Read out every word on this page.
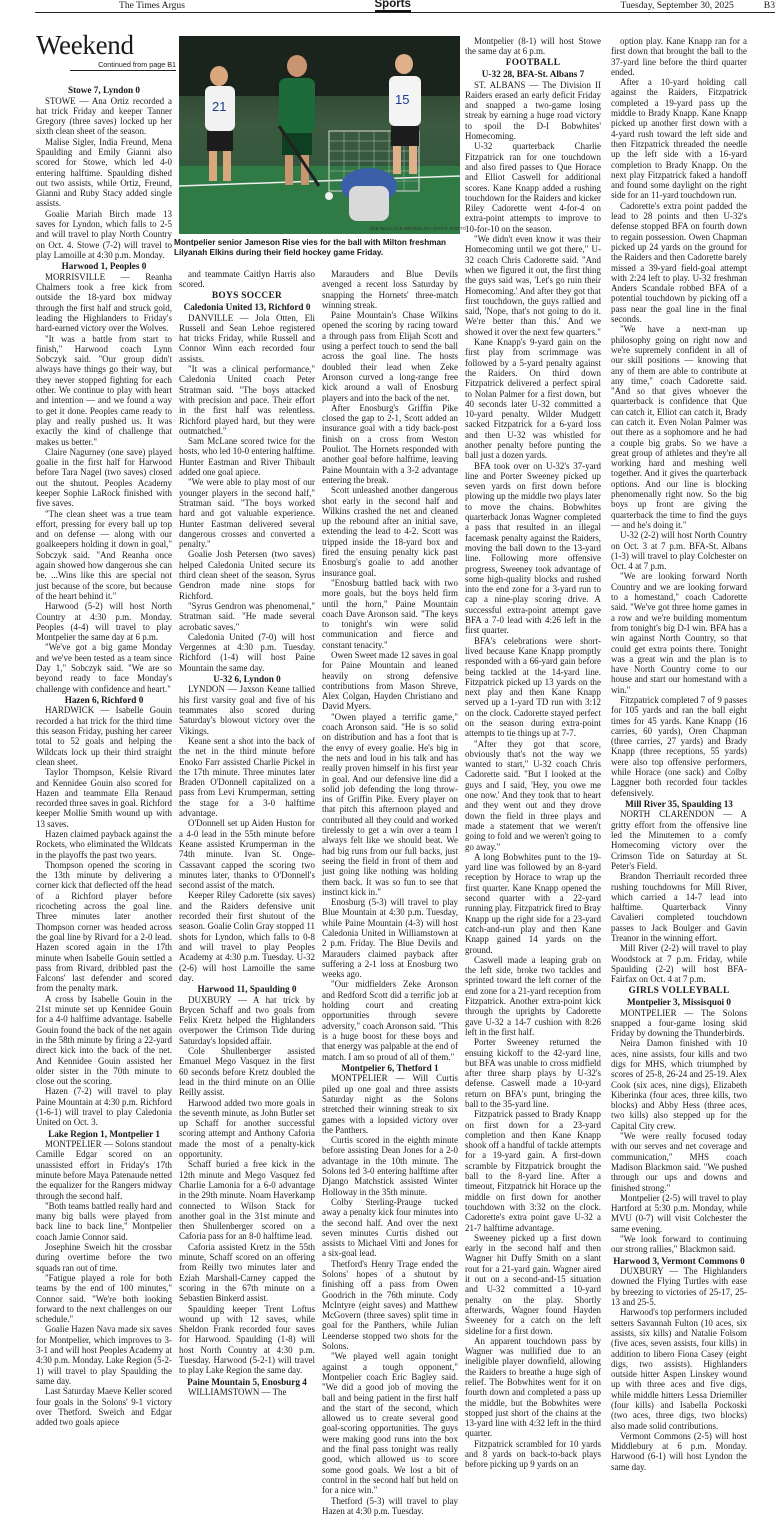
The Times Argus	Sports	Tuesday, September 30, 2025	B3
Weekend
Continued from page B1
21	15
JEB WALLACE-BRODEUR / STAFF PHOTO
Montpelier senior Jameson Rise vies for the ball with Milton freshman Lilyanah Elkins during their field hockey game Friday.
Stowe 7, Lyndon 0

STOWE — Ana Ortiz recorded a hat trick Friday and keeper Tanner Gregory (three saves) locked up her sixth clean sheet of the season.

Malise Sigler, India Freund, Mena Spaulding and Emily Gianni also scored for Stowe, which led 4-0 entering halftime. Spaulding dished out two assists, while Ortiz, Freund, Gianni and Ruby Stacy added single assists.

Goalie Mariah Birch made 13 saves for Lyndon, which falls to 2-5 and will travel to play North Country on Oct. 4. Stowe (7-2) will travel to play Lamoille at 4:30 p.m. Monday.

Harwood 1, Peoples 0

MORRISVILLE — Reanha Chalmers took a free kick from outside the 18-yard box midway through the first half and struck gold, leading the Highlanders to Friday's hard-earned victory over the Wolves.

"It was a battle from start to finish," Harwood coach Lynn Sobczyk said. "Our group didn't always have things go their way, but they never stopped fighting for each other. We continue to play with heart and intention — and we found a way to get it done. Peoples came ready to play and really pushed us. It was exactly the kind of challenge that makes us better."

Claire Nagurney (one save) played goalie in the first half for Harwood before Tara Nagel (two saves) closed out the shutout. Peoples Academy keeper Sophie LaRock finished with five saves.

"The clean sheet was a true team effort, pressing for every ball up top and on defense — along with our goalkeepers holding it down in goal," Sobczyk said. "And Reanha once again showed how dangerous she can be. ...Wins like this are special not just because of the score, but because of the heart behind it."

Harwood (5-2) will host North Country at 4:30 p.m. Monday. Peoples (4-4) will travel to play Montpelier the same day at 6 p.m.

"We've got a big game Monday and we've been tested as a team since Day 1," Sobczyk said. "We are so beyond ready to face Monday's challenge with confidence and heart."

Hazen 6, Richford 0

HARDWICK — Isabelle Gouin recorded a hat trick for the third time this season Friday, pushing her career total to 52 goals and helping the Wildcats lock up their third straight clean sheet.

Taylor Thompson, Kelsie Rivard and Kennidee Gouin also scored for Hazen and teammate Ella Renaud recorded three saves in goal. Richford keeper Mollie Smith wound up with 13 saves.

Hazen claimed payback against the Rockets, who eliminated the Wildcats in the playoffs the past two years.

Thompson opened the scoring in the 13th minute by delivering a corner kick that deflected off the head of a Richford player before ricocheting across the goal line. Three minutes later another Thompson corner was headed across the goal line by Rivard for a 2-0 lead. Hazen scored again in the 17th minute when Isabelle Gouin settled a pass from Rivard, dribbled past the Falcons' last defender and scored from the penalty mark.

A cross by Isabelle Gouin in the 21st minute set up Kennidee Gouin for a 4-0 halftime advantage. Isabelle Gouin found the back of the net again in the 58th minute by firing a 22-yard direct kick into the back of the net. And Kennidee Gouin assisted her older sister in the 70th minute to close out the scoring.

Hazen (7-2) will travel to play Paine Mountain at 4:30 p.m. Richford (1-6-1) will travel to play Caledonia United on Oct. 3.

Lake Region 1, Montpelier 1

MONTPELIER — Solons standout Camille Edgar scored on an unassisted effort in Friday's 17th minute before Maya Patenaude netted the equalizer for the Rangers midway through the second half.

"Both teams battled really hard and many big balls were played from back line to back line," Montpelier coach Jamie Connor said.

Josephine Sweich hit the crossbar during overtime before the two squads ran out of time.

"Fatigue played a role for both teams by the end of 100 minutes," Connor said. "We're both looking forward to the next challenges on our schedule."

Goalie Hazen Nava made six saves for Montpelier, which improves to 3-3-1 and will host Peoples Academy at 4:30 p.m. Monday. Lake Region (5-2-1) will travel to play Spaulding the same day.

Last Saturday Maeve Keller scored four goals in the Solons' 9-1 victory over Thetford. Sweich and Edgar added two goals apiece

and teammate Caitlyn Harris also scored.

BOYS SOCCER
Caledonia United 13, Richford 0

DANVILLE — Jola Otten, Eli Russell and Sean Lehoe registered hat tricks Friday, while Russell and Connor Winn each recorded four assists.

"It was a clinical performance," Caledonia United coach Peter Stratman said. "The boys attacked with precision and pace. Their effort in the first half was relentless. Richford played hard, but they were outmatched."

Sam McLane scored twice for the hosts, who led 10-0 entering halftime. Hunter Eastman and River Thibault added one goal apiece.

"We were able to play most of our younger players in the second half," Stratman said. "The boys worked hard and got valuable experience. Hunter Eastman delivered several dangerous crosses and converted a penalty."

Goalie Josh Petersen (two saves) helped Caledonia United secure its third clean sheet of the season. Syrus Gendron made nine stops for Richford.

"Syrus Gendron was phenomenal," Stratman said. "He made several acrobatic saves."

Caledonia United (7-0) will host Vergennes at 4:30 p.m. Tuesday. Richford (1-4) will host Paine Mountain the same day.

U-32 6, Lyndon 0

LYNDON — Jaxson Keane tallied his first varsity goal and five of his teammates also scored during Saturday's blowout victory over the Vikings.

Keane sent a shot into the back of the net in the third minute before Enoko Farr assisted Charlie Pickel in the 17th minute. Three minutes later Braden O'Donnell capitalized on a pass from Levi Krumperman, setting the stage for a 3-0 halftime advantage.

O'Donnell set up Aiden Huston for a 4-0 lead in the 55th minute before Keane assisted Krumperman in the 74th minute. Ivan St. Onge-Cassavant capped the scoring two minutes later, thanks to O'Donnell's second assist of the match.

Keeper Riley Cadorette (six saves) and the Raiders defensive unit recorded their first shutout of the season. Goalie Colin Gray stopped 11 shots for Lyndon, which falls to 0-8 and will travel to play Peoples Academy at 4:30 p.m. Tuesday. U-32 (2-6) will host Lamoille the same day.

Harwood 11, Spaulding 0

DUXBURY — A hat trick by Brycen Schaff and two goals from Felix Kretz helped the Highlanders overpower the Crimson Tide during Saturday's lopsided affair.

Cole Shullenberger assisted Emanuel Mego Vasquez in the first 60 seconds before Kretz doubled the lead in the third minute on an Ollie Reilly assist.

Harwood added two more goals in the seventh minute, as John Butler set up Schaff for another successful scoring attempt and Anthony Caforia made the most of a penalty-kick opportunity.

Schaff buried a free kick in the 12th minute and Mego Vasquez fed Charlie Lamonia for a 6-0 advantage in the 29th minute. Noam Haverkamp connected to Wilson Stack for another goal in the 31st minute and then Shullenberger scored on a Caforia pass for an 8-0 halftime lead.

Caforia assisted Kretz in the 55th minute, Schaff scored on an offering from Reilly two minutes later and Eziah Marshall-Carney capped the scoring in the 67th minute on a Sebastien Binkerd assist.

Spaulding keeper Trent Loftus wound up with 12 saves, while Sheldon Frank recorded four saves for Harwood. Spaulding (1-8) will host North Country at 4:30 p.m. Tuesday. Harwood (5-2-1) will travel to play Lake Region the same day.

Paine Mountain 5, Enosburg 4

WILLIAMSTOWN — The

Marauders and Blue Devils avenged a recent loss Saturday by snapping the Hornets' three-match winning streak.

Paine Mountain's Chase Wilkins opened the scoring by racing toward a through pass from Elijah Scott and using a perfect touch to send the ball across the goal line. The hosts doubled their lead when Zeke Aronson curved a long-range free kick around a wall of Enosburg players and into the back of the net.

After Enosburg's Griffin Pike closed the gap to 2-1, Scott added an insurance goal with a tidy back-post finish on a cross from Weston Pouliot. The Hornets responded with another goal before halftime, leaving Paine Mountain with a 3-2 advantage entering the break.

Scott unleashed another dangerous shot early in the second half and Wilkins crashed the net and cleaned up the rebound after an initial save, extending the lead to 4-2. Scott was tripped inside the 18-yard box and fired the ensuing penalty kick past Enosburg's goalie to add another insurance goal.

"Enosburg battled back with two more goals, but the boys held firm until the horn," Paine Mountain coach Dave Aronson said. "The keys to tonight's win were solid communication and fierce and constant tenacity."

Owen Sweet made 12 saves in goal for Paine Mountain and leaned heavily on strong defensive contributions from Mason Shreve, Alex Colgan, Hayden Christiano and David Myers.

"Owen played a terrific game," coach Aronson said. "He is so solid on distribution and has a foot that is the envy of every goalie. He's big in the nets and loud in his talk and has really proven himself in his first year in goal. And our defensive line did a solid job defending the long throw-ins of Griffin Pike. Every player on that pitch this afternoon played and contributed all they could and worked tirelessly to get a win over a team I always felt like we should beat. We had big runs from our full backs, just seeing the field in front of them and just going like nothing was holding them back. It was so fun to see that instinct kick in."

Enosburg (5-3) will travel to play Blue Mountain at 4:30 p.m. Tuesday, while Paine Mountain (4-3) will host Caledonia United in Williamstown at 2 p.m. Friday. The Blue Devils and Marauders claimed payback after suffering a 2-1 loss at Enosburg two weeks ago.

"Our midfielders Zeke Aronson and Redford Scott did a terrific job at holding court and creating opportunities through severe adversity," coach Aronson said. "This is a huge boost for these boys and that energy was palpable at the end of match. I am so proud of all of them."

Montpelier 6, Thetford 1

MONTPELIER — Will Curtis piled up one goal and three assists Saturday night as the Solons stretched their winning streak to six games with a lopsided victory over the Panthers.

Curtis scored in the eighth minute before assisting Dean Jones for a 2-0 advantage in the 10th minute. The Solons led 3-0 entering halftime after Django Matchstick assisted Winter Holloway in the 35th minute.

Colby Sterling-Prauge tucked away a penalty kick four minutes into the second half. And over the next seven minutes Curtis dished out assists to Michael Vitti and Jones for a six-goal lead.

Thetford's Henry Trage ended the Solons' hopes of a shutout by finishing off a pass from Owen Goodrich in the 76th minute. Cody McIntyre (eight saves) and Matthew McGovern (three saves) split time in goal for the Panthers, while Julian Leenderse stopped two shots for the Solons.

"We played well again tonight against a tough opponent," Montpelier coach Eric Bagley said. "We did a good job of moving the ball and being patient in the first half and the start of the second, which allowed us to create several good goal-scoring opportunities. The guys were making good runs into the box and the final pass tonight was really good, which allowed us to score some good goals. We lost a bit of control in the second half but held on for a nice win."

Thetford (5-3) will travel to play Hazen at 4:30 p.m. Tuesday.

Montpelier (8-1) will host Stowe the same day at 6 p.m.

FOOTBALL
U-32 28, BFA-St. Albans 7

ST. ALBANS — The Division II Raiders erased an early deficit Friday and snapped a two-game losing streak by earning a huge road victory to spoil the D-I Bobwhites' Homecoming.

U-32 quarterback Charlie Fitzpatrick ran for one touchdown and also fired passes to Que Horace and Elliot Caswell for additional scores. Kane Knapp added a rushing touchdown for the Raiders and kicker Riley Cadorette went 4-for-4 on extra-point attempts to improve to 10-for-10 on the season.

"We didn't even know it was their Homecoming until we got there," U-32 coach Chris Cadorette said. "And when we figured it out, the first thing the guys said was, 'Let's go ruin their Homecoming.' And after they got that first touchdown, the guys rallied and said, 'Nope, that's not going to do it. We're better than this.' And we showed it over the next few quarters."

Kane Knapp's 9-yard gain on the first play from scrimmage was followed by a 5-yard penalty against the Raiders. On third down Fitzpatrick delivered a perfect spiral to Nolan Palmer for a first down, but 40 seconds later U-32 committed a 10-yard penalty. Wilder Mudgett sacked Fitzpatrick for a 6-yard loss and then U-32 was whistled for another penalty before punting the ball just a dozen yards.

BFA took over on U-32's 37-yard line and Porter Sweeney picked up seven yards on first down before plowing up the middle two plays later to move the chains. Bobwhites quarterback Jonas Wagner completed a pass that resulted in an illegal facemask penalty against the Raiders, moving the ball down to the 13-yard line. Following more offensive progress, Sweeney took advantage of some high-quality blocks and rushed into the end zone for a 3-yard run to cap a nine-play scoring drive. A successful extra-point attempt gave BFA a 7-0 lead with 4:26 left in the first quarter.

BFA's celebrations were short-lived because Kane Knapp promptly responded with a 66-yard gain before being tackled at the 14-yard line. Fitzpatrick picked up 13 yards on the next play and then Kane Knapp served up a 1-yard TD run with 3:12 on the clock. Cadorette stayed perfect on the season during extra-point attempts to tie things up at 7-7.

"After they got that score, obviously that's not the way we wanted to start," U-32 coach Chris Cadorette said. "But I looked at the guys and I said, 'Hey, you owe me one now.' And they took that to heart and they went out and they drove down the field in three plays and made a statement that we weren't going to fold and we weren't going to go away."

A long Bobwhites punt to the 19-yard line was followed by an 8-yard reception by Horace to wrap up the first quarter. Kane Knapp opened the second quarter with a 22-yard running play. Fitzpatrick fired to Bray Knapp up the right side for a 23-yard catch-and-run play and then Kane Knapp gained 14 yards on the ground.

Caswell made a leaping grab on the left side, broke two tackles and sprinted toward the left corner of the end zone for a 21-yard reception from Fitzpatrick. Another extra-point kick through the uprights by Cadorette gave U-32 a 14-7 cushion with 8:26 left in the first half.

Porter Sweeney returned the ensuing kickoff to the 42-yard line, but BFA was unable to cross midfield after three sharp plays by U-32's defense. Caswell made a 10-yard return on BFA's punt, bringing the ball to the 35-yard line.

Fitzpatrick passed to Brady Knapp on first down for a 23-yard completion and then Kane Knapp shook off a handful of tackle attempts for a 19-yard gain. A first-down scramble by Fitzpatrick brought the ball to the 8-yard line. After a timeout, Fitzpatrick hit Horace up the middle on first down for another touchdown with 3:32 on the clock. Cadorette's extra point gave U-32 a 21-7 halftime advantage.

Sweeney picked up a first down early in the second half and then Wagner hit Duffy Smith on a slant rout for a 21-yard gain. Wagner aired it out on a second-and-15 situation and U-32 committed a 10-yard penalty on the play. Shortly afterwards, Wagner found Hayden Sweeney for a catch on the left sideline for a first down.

An apparent touchdown pass by Wagner was nullified due to an ineligible player downfield, allowing the Raiders to breathe a huge sigh of relief. The Bobwhites went for it on fourth down and completed a pass up the middle, but the Bobwhites were stopped just short of the chains at the 13-yard line with 4:32 left in the third quarter.

Fitzpatrick scrambled for 10 yards and 8 yards on back-to-back plays before picking up 9 yards on an

option play. Kane Knapp ran for a first down that brought the ball to the 37-yard line before the third quarter ended.

After a 10-yard holding call against the Raiders, Fitzpatrick completed a 19-yard pass up the middle to Brady Knapp. Kane Knapp picked up another first down with a 4-yard rush toward the left side and then Fitzpatrick threaded the needle up the left side with a 16-yard completion to Brady Knapp. On the next play Fitzpatrick faked a handoff and found some daylight on the right side for an 11-yard touchdown run.

Cadorette's extra point padded the lead to 28 points and then U-32's defense stopped BFA on fourth down to regain possession. Owen Chapman picked up 24 yards on the ground for the Raiders and then Cadorette barely missed a 39-yard field-goal attempt with 2:24 left to play. U-32 freshman Anders Scandale robbed BFA of a potential touchdown by picking off a pass near the goal line in the final seconds.

"We have a next-man up philosophy going on right now and we're supremely confident in all of our skill positions — knowing that any of them are able to contribute at any time," coach Cadorette said. "And so that gives whoever the quarterback is confidence that Que can catch it, Elliot can catch it, Brady can catch it. Even Nolan Palmer was out there as a sophomore and he had a couple big grabs. So we have a great group of athletes and they're all working hard and meshing well together. And it gives the quarterback options. And our line is blocking phenomenally right now. So the big boys up front are giving the quarterback the time to find the guys — and he's doing it."

U-32 (2-2) will host North Country on Oct. 3 at 7 p.m. BFA-St. Albans (1-3) will travel to play Colchester on Oct. 4 at 7 p.m.

"We are looking forward North Country and we are looking forward to a homestand," coach Cadorette said. "We've got three home games in a row and we're building momentum from tonight's big D-I win. BFA has a win against North Country, so that could get extra points there. Tonight was a great win and the plan is to have North Country come to our house and start our homestand with a win."

Fitzpatrick completed 7 of 9 passes for 105 yards and ran the ball eight times for 45 yards. Kane Knapp (16 carries, 60 yards), Oren Chapman (three carries, 27 yards) and Brady Knapp (three receptions, 55 yards) were also top offensive performers, while Horace (one sack) and Colby Laggner both recorded four tackles defensively.

Mill River 35, Spaulding 13

NORTH CLARENDON — A gritty effort from the offensive line led the Minutemen to a comfy Homecoming victory over the Crimson Tide on Saturday at St. Peter's Field.

Brandon Therriault recorded three rushing touchdowns for Mill River, which carried a 14-7 lead into halftime. Quarterback Vinny Cavalieri completed touchdown passes to Jack Boulger and Gavin Treanor in the winning effort.

Mill River (2-2) will travel to play Woodstock at 7 p.m. Friday, while Spaulding (2-2) will host BFA-Fairfax on Oct. 4 at 7 p.m.

GIRLS VOLLEYBALL
Montpelier 3, Missisquoi 0

MONTPELIER — The Solons snapped a four-game losing skid Friday by downing the Thunderbirds.

Neira Damon finished with 10 aces, nine assists, four kills and two digs for MHS, which triumphed by scores of 25-8, 26-24 and 25-19. Alex Cook (six aces, nine digs), Elizabeth Kiberinka (four aces, three kills, two blocks) and Abby Hess (three aces, two kills) also stepped up for the Capital City crew.

"We were really focused today with our serves and net coverage and communication," MHS coach Madison Blackmon said. "We pushed through our ups and downs and finished strong."

Montpelier (2-5) will travel to play Hartford at 5:30 p.m. Monday, while MVU (0-7) will visit Colchester the same evening.

"We look forward to continuing our strong rallies," Blackmon said.

Harwood 3, Vermont Commons 0

DUXBURY — The Highlanders downed the Flying Turtles with ease by breezing to victories of 25-17, 25-13 and 25-5.

Harwood's top performers included setters Savannah Fulton (10 aces, six assists, six kills) and Natalie Folsom (five aces, seven assists, four kills) in addition to libero Fiona Casey (eight digs, two assists). Highlanders outside hitter Aspen Linskey wound up with three aces and five digs, while middle hitters Lessa Driemiller (four kills) and Isabella Pockoski (two aces, three digs, two blocks) also made solid contributions.

Vermont Commons (2-5) will host Middlebury at 6 p.m. Monday. Harwood (6-1) will host Lyndon the same day.
